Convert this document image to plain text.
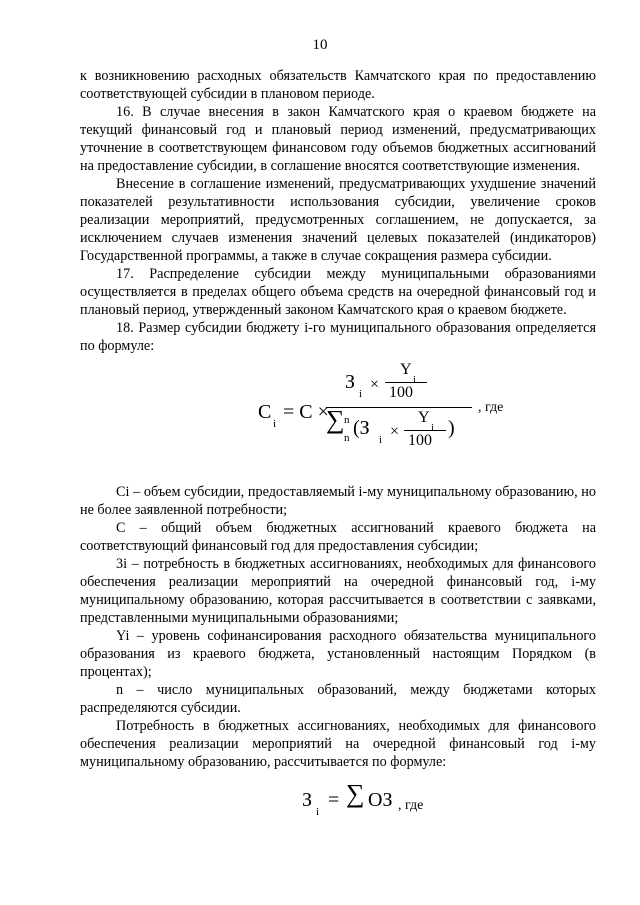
10

к возникновению расходных обязательств Камчатского края по предоставлению соответствующей субсидии в плановом периоде.

16. В случае внесения в закон Камчатского края о краевом бюджете на текущий финансовый год и плановый период изменений, предусматривающих уточнение в соответствующем финансовом году объемов бюджетных ассигнований на предоставление субсидии, в соглашение вносятся соответствующие изменения.

Внесение в соглашение изменений, предусматривающих ухудшение значений показателей результативности использования субсидии, увеличение сроков реализации мероприятий, предусмотренных соглашением, не допускается, за исключением случаев изменения значений целевых показателей (индикаторов) Государственной программы, а также в случае сокращения размера субсидии.

17. Распределение субсидии между муниципальными образованиями осуществляется в пределах общего объема средств на очередной финансовый год и плановый период, утвержденный законом Камчатского края о краевом бюджете.

18. Размер субсидии бюджету i-го муниципального образования определяется по формуле:

C
i
= C ×
З
i
×
Y
i
100
∑ n
n (З
i ×
Y
i
100
)
, где

Ci – объем субсидии, предоставляемый i-му муниципальному образованию, но не более заявленной потребности;

С – общий объем бюджетных ассигнований краевого бюджета на соответствующий финансовый год для предоставления субсидии;

3i – потребность в бюджетных ассигнованиях, необходимых для финансового обеспечения реализации мероприятий на очередной финансовый год, i-му муниципальному образованию, которая рассчитывается в соответствии с заявками, представленными муниципальными образованиями;

Yi – уровень софинансирования расходного обязательства муниципального образования из краевого бюджета, установленный настоящим Порядком (в процентах);

n – число муниципальных образований, между бюджетами которых распределяются субсидии.

Потребность в бюджетных ассигнованиях, необходимых для финансового обеспечения реализации мероприятий на очередной финансовый год i-му муниципальному образованию, рассчитывается по формуле:

З
i
= ∑ ОЗ , где
